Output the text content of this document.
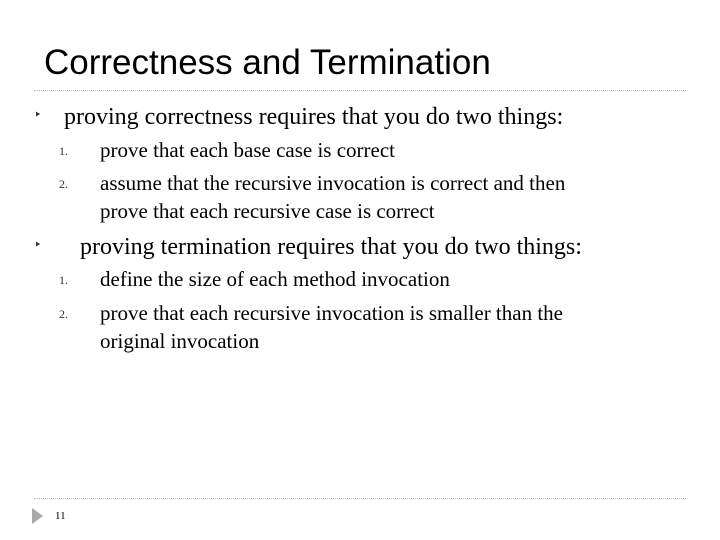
Correctness and Termination
‣ proving correctness requires that you do two things:
1. prove that each base case is correct
2. assume that the recursive invocation is correct and then
prove that each recursive case is correct
‣ proving termination requires that you do two things:
1. define the size of each method invocation
2. prove that each recursive invocation is smaller than the
original invocation
11
